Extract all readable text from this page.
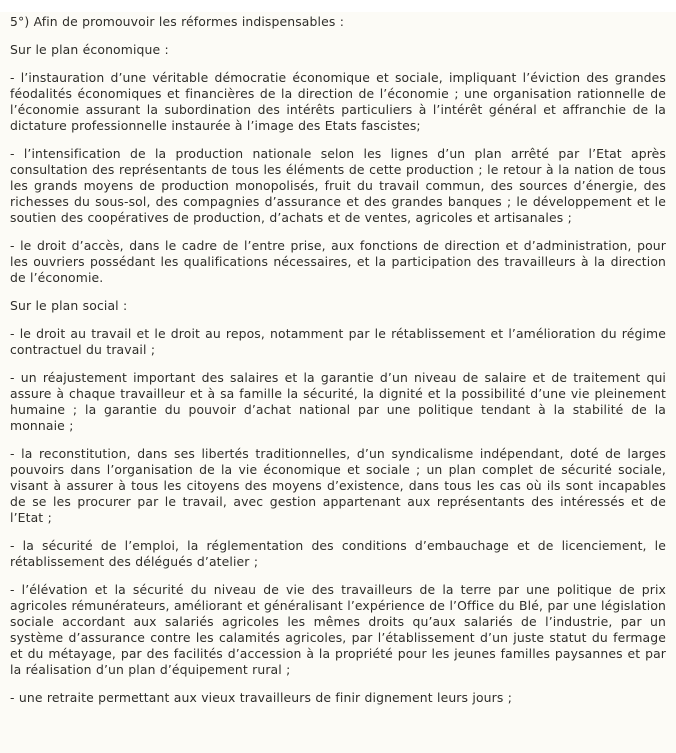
5°) Afin de promouvoir les réformes indispensables :

Sur le plan économique :

- l’instauration d’une véritable démocratie économique et sociale, impliquant l’éviction des grandes féodalités économiques et financières de la direction de l’économie ; une organisation rationnelle de l’économie assurant la subordination des intérêts particuliers à l’intérêt général et affranchie de la dictature professionnelle instaurée à l’image des Etats fascistes;

- l’intensification de la production nationale selon les lignes d’un plan arrêté par l’Etat après consultation des représentants de tous les éléments de cette production ; le retour à la nation de tous les grands moyens de production monopolisés, fruit du travail commun, des sources d’énergie, des richesses du sous-sol, des compagnies d’assurance et des grandes banques ; le développement et le soutien des coopératives de production, d’achats et de ventes, agricoles et artisanales ;

- le droit d’accès, dans le cadre de l’entre prise, aux fonctions de direction et d’administration, pour les ouvriers possédant les qualifications nécessaires, et la participation des travailleurs à la direction de l’économie.

Sur le plan social :

- le droit au travail et le droit au repos, notamment par le rétablissement et l’amélioration du régime contractuel du travail ;

- un réajustement important des salaires et la garantie d’un niveau de salaire et de traitement qui assure à chaque travailleur et à sa famille la sécurité, la dignité et la possibilité d’une vie pleinement humaine ; la garantie du pouvoir d’achat national par une politique tendant à la stabilité de la monnaie ;

- la reconstitution, dans ses libertés traditionnelles, d’un syndicalisme indépendant, doté de larges pouvoirs dans l’organisation de la vie économique et sociale ; un plan complet de sécurité sociale, visant à assurer à tous les citoyens des moyens d’existence, dans tous les cas où ils sont incapables de se les procurer par le travail, avec gestion appartenant aux représentants des intéressés et de l’Etat ;

- la sécurité de l’emploi, la réglementation des conditions d’embauchage et de licenciement, le rétablissement des délégués d’atelier ;

- l’élévation et la sécurité du niveau de vie des travailleurs de la terre par une politique de prix agricoles rémunérateurs, améliorant et généralisant l’expérience de l’Office du Blé, par une législation sociale accordant aux salariés agricoles les mêmes droits qu’aux salariés de l’industrie, par un système d’assurance contre les calamités agricoles, par l’établissement d’un juste statut du fermage et du métayage, par des facilités d’accession à la propriété pour les jeunes familles paysannes et par la réalisation d’un plan d’équipement rural ;

- une retraite permettant aux vieux travailleurs de finir dignement leurs jours ;
